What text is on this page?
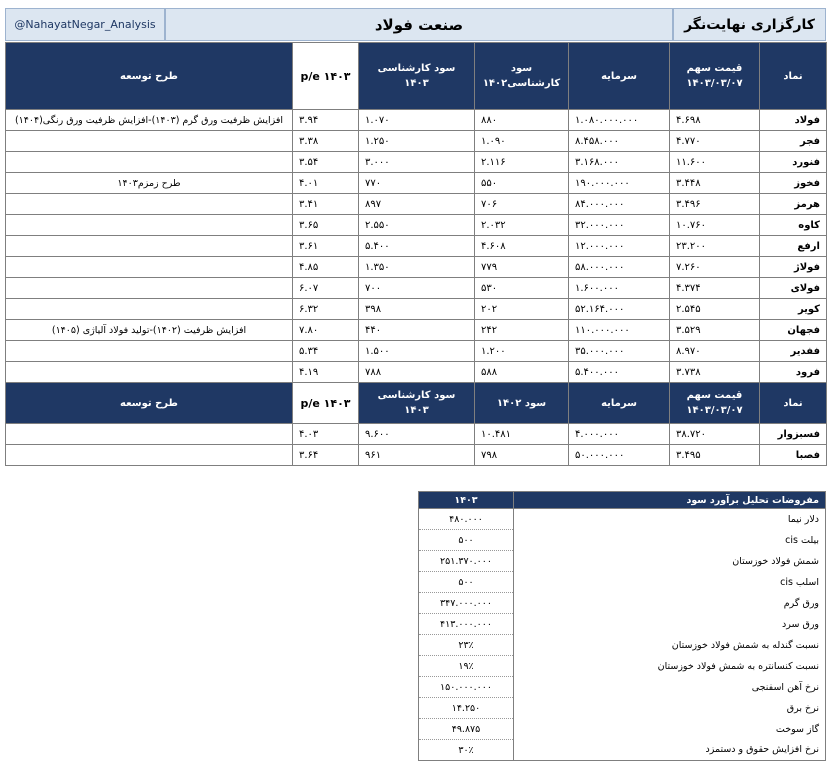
@NahayatNegar_Analysis	صنعت فولاد	کارگزاری نهایت‌نگر
نماد	قیمت سهم ۱۴۰۳/۰۳/۰۷	سرمایه	سود کارشناسی۱۴۰۲	سود کارشناسی ۱۴۰۳	p/e ۱۴۰۳	طرح توسعه
فولاد	۴.۶۹۸	۱.۰۸۰.۰۰۰.۰۰۰	۸۸۰	۱.۰۷۰	۳.۹۴	افزایش ظرفیت ورق گرم (۱۴۰۳)-افزایش ظرفیت ورق رنگی(۱۴۰۴)
فجر	۴.۷۷۰	۸.۴۵۸.۰۰۰	۱.۰۹۰	۱.۲۵۰	۳.۳۸	
فنورد	۱۱.۶۰۰	۳.۱۶۸.۰۰۰	۲.۱۱۶	۳.۰۰۰	۳.۵۴	
فخوز	۳.۴۴۸	۱۹۰.۰۰۰.۰۰۰	۵۵۰	۷۷۰	۴.۰۱	طرح زمزم۱۴۰۳
هرمز	۳.۴۹۶	۸۴.۰۰۰.۰۰۰	۷۰۶	۸۹۷	۳.۴۱	
کاوه	۱۰.۷۶۰	۳۲.۰۰۰.۰۰۰	۲.۰۳۲	۲.۵۵۰	۳.۶۵	
ارفع	۲۳.۲۰۰	۱۲.۰۰۰.۰۰۰	۴.۶۰۸	۵.۴۰۰	۳.۶۱	
فولاژ	۷.۲۶۰	۵۸.۰۰۰.۰۰۰	۷۷۹	۱.۳۵۰	۴.۸۵	
فولای	۴.۳۷۴	۱.۶۰۰.۰۰۰	۵۳۰	۷۰۰	۶.۰۷	
کویر	۲.۵۴۵	۵۲.۱۶۴.۰۰۰	۲۰۲	۳۹۸	۶.۳۲	
فجهان	۳.۵۲۹	۱۱۰.۰۰۰.۰۰۰	۲۴۲	۴۴۰	۷.۸۰	افزایش ظرفیت (۱۴۰۲)-تولید فولاد آلیاژی (۱۴۰۵)
ففدیر	۸.۹۷۰	۳۵.۰۰۰.۰۰۰	۱.۲۰۰	۱.۵۰۰	۵.۳۴	
فرود	۳.۷۳۸	۵.۴۰۰.۰۰۰	۵۸۸	۷۸۸	۴.۱۹	
نماد	قیمت سهم ۱۴۰۳/۰۳/۰۷	سرمایه	سود ۱۴۰۲	سود کارشناسی ۱۴۰۳	p/e ۱۴۰۳	طرح توسعه
فسبزوار	۳۸.۷۲۰	۴.۰۰۰.۰۰۰	۱۰.۴۸۱	۹.۶۰۰	۴.۰۳	
فصبا	۳.۴۹۵	۵۰.۰۰۰.۰۰۰	۷۹۸	۹۶۱	۳.۶۴	
مفروضات تحلیل برآورد سود	۱۴۰۳
دلار نیما	۴۸۰.۰۰۰
بیلت cis	۵۰۰
شمش فولاد خوزستان	۲۵۱.۳۷۰.۰۰۰
اسلب cis	۵۰۰
ورق گرم	۳۴۷.۰۰۰.۰۰۰
ورق سرد	۴۱۳.۰۰۰.۰۰۰
نسبت گندله به شمش فولاد خوزستان	۲۳٪
نسبت کنسانتره به شمش فولاد خوزستان	۱۹٪
نرخ آهن اسفنجی	۱۵۰.۰۰۰.۰۰۰
نرخ برق	۱۴.۲۵۰
گاز سوخت	۴۹.۸۷۵
نرخ افزایش حقوق و دستمزد	۳۰٪
